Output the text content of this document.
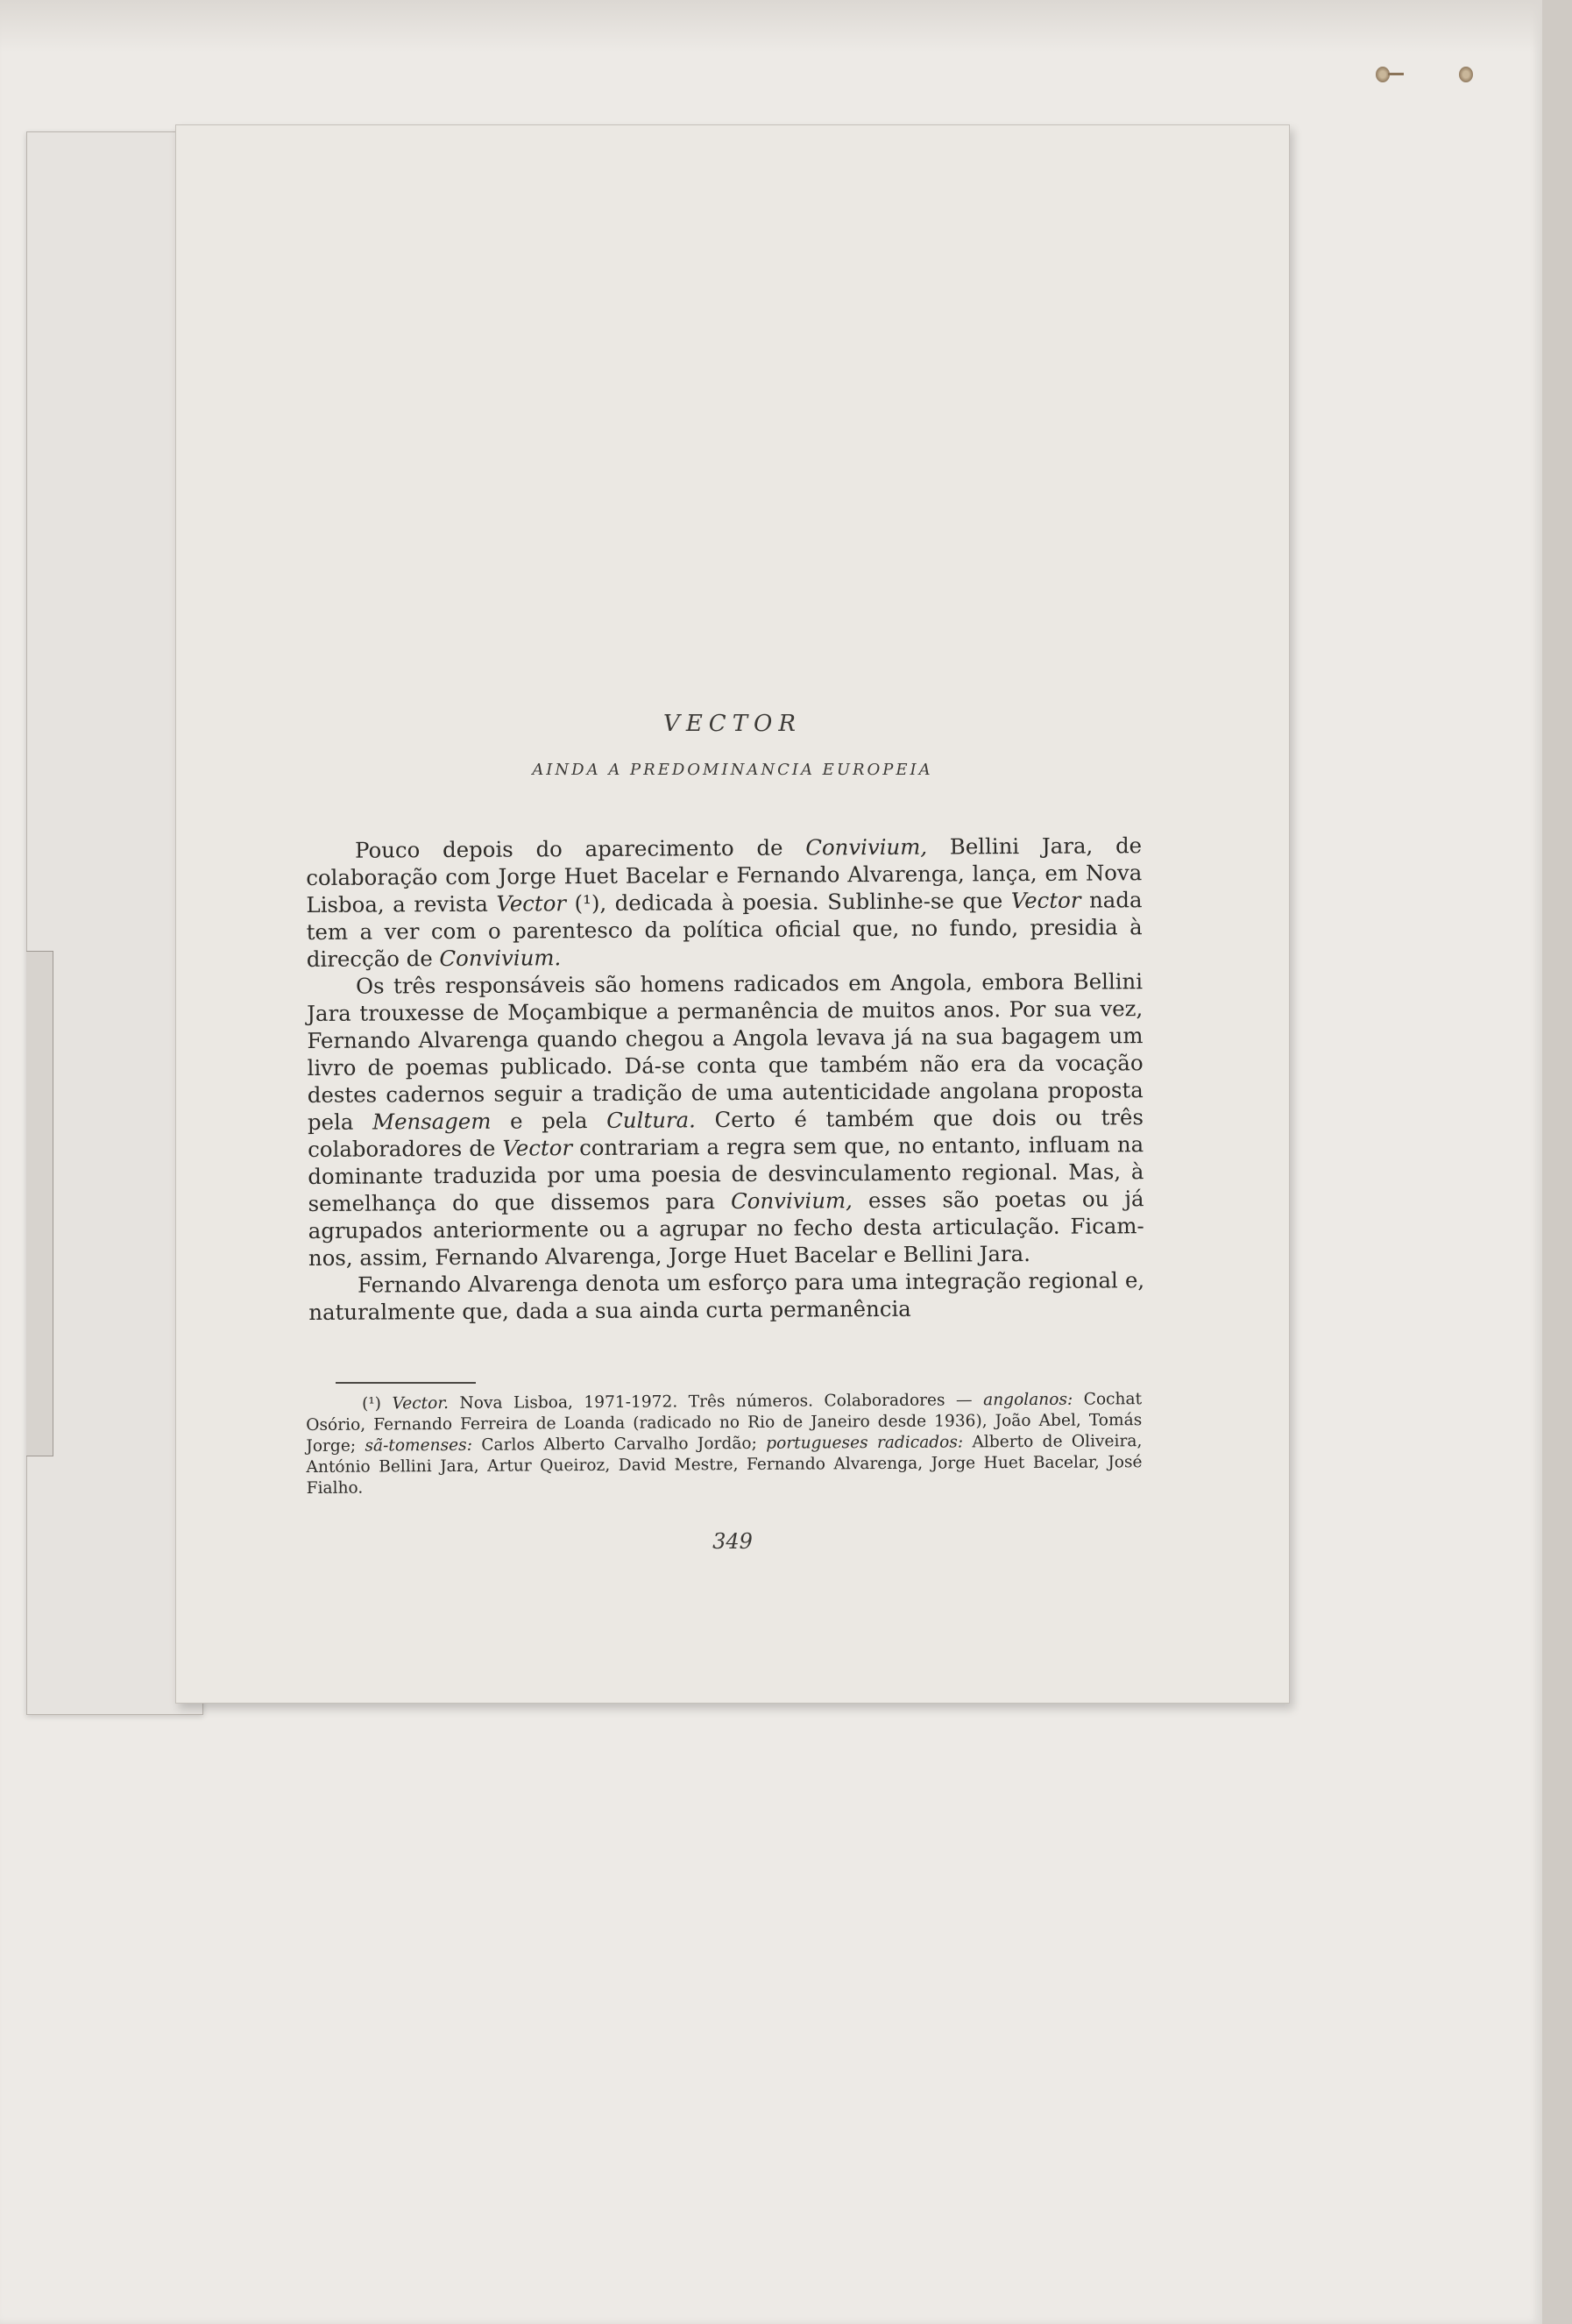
VECTOR
AINDA A PREDOMINANCIA EUROPEIA

Pouco depois do aparecimento de Convivium, Bellini Jara, de colaboração com Jorge Huet Bacelar e Fernando Alvarenga, lança, em Nova Lisboa, a revista Vector (¹), dedicada à poesia. Sublinhe-se que Vector nada tem a ver com o parentesco da política oficial que, no fundo, presidia à direcção de Convivium.

Os três responsáveis são homens radicados em Angola, embora Bellini Jara trouxesse de Moçambique a permanência de muitos anos. Por sua vez, Fernando Alvarenga quando chegou a Angola levava já na sua bagagem um livro de poemas publicado. Dá-se conta que também não era da vocação destes cadernos seguir a tradição de uma autenticidade angolana proposta pela Mensagem e pela Cultura. Certo é também que dois ou três colaboradores de Vector contrariam a regra sem que, no entanto, influam na dominante traduzida por uma poesia de desvinculamento regional. Mas, à semelhança do que dissemos para Convivium, esses são poetas ou já agrupados anteriormente ou a agrupar no fecho desta articulação. Ficam-nos, assim, Fernando Alvarenga, Jorge Huet Bacelar e Bellini Jara.

Fernando Alvarenga denota um esforço para uma integração regional e, naturalmente que, dada a sua ainda curta permanência

(¹) Vector. Nova Lisboa, 1971-1972. Três números. Colaboradores — angolanos: Cochat Osório, Fernando Ferreira de Loanda (radicado no Rio de Janeiro desde 1936), João Abel, Tomás Jorge; sã-tomenses: Carlos Alberto Carvalho Jordão; portugueses radicados: Alberto de Oliveira, António Bellini Jara, Artur Queiroz, David Mestre, Fernando Alvarenga, Jorge Huet Bacelar, José Fialho.

349
